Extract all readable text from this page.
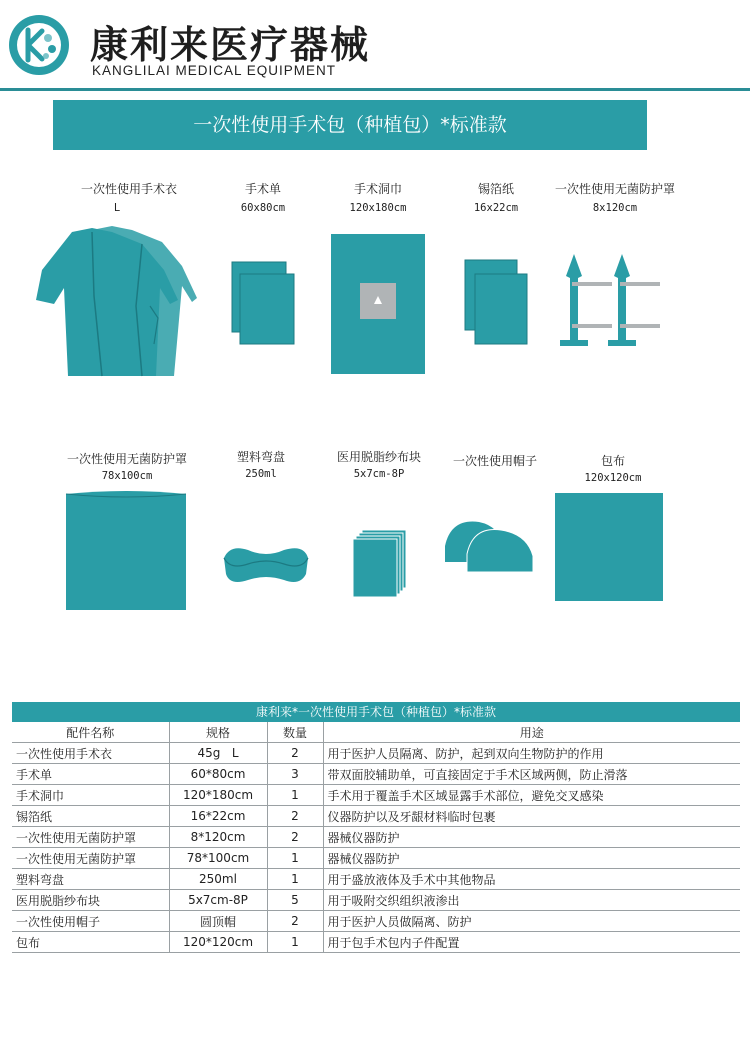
康利来医疗器械
KANGLILAI MEDICAL EQUIPMENT
一次性使用手术包（种植包）*标准款
一次性使用手术衣
L
手术单
60x80cm
手术洞巾
120x180cm
锡箔纸
16x22cm
一次性使用无菌防护罩
8x120cm
一次性使用无菌防护罩
78x100cm
塑料弯盘
250ml
医用脱脂纱布块
5x7cm-8P
一次性使用帽子	包布
120x120cm
康利来*一次性使用手术包（种植包）*标准款
配件名称	规格	数量	用途
一次性使用手术衣	45g   L	2	用于医护人员隔离、防护，起到双向生物防护的作用
手术单	60*80cm	3	带双面胶辅助单，可直接固定于手术区域两侧，防止滑落
手术洞巾	120*180cm	1	手术用于覆盖手术区域显露手术部位，避免交叉感染
锡箔纸	16*22cm	2	仪器防护以及牙龈材料临时包裹
一次性使用无菌防护罩	8*120cm	2	器械仪器防护
一次性使用无菌防护罩	78*100cm	1	器械仪器防护
塑料弯盘	250ml	1	用于盛放液体及手术中其他物品
医用脱脂纱布块	5x7cm-8P	5	用于吸附交织组织液渗出
一次性使用帽子	圆顶帽	2	用于医护人员做隔离、防护
包布	120*120cm	1	用于包手术包内子件配置
